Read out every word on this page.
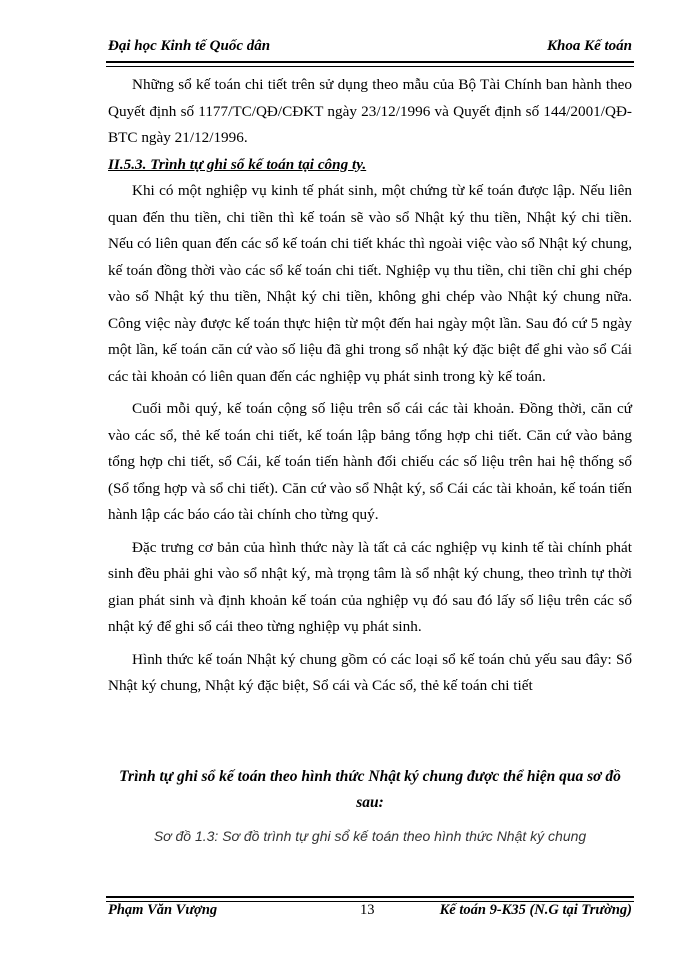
Đại học Kinh tế Quốc dân	Khoa Kế toán

Những sổ kế toán chi tiết trên sử dụng theo mẫu của Bộ Tài Chính ban hành theo Quyết định số 1177/TC/QĐ/CĐKT ngày 23/12/1996 và Quyết định số 144/2001/QĐ-BTC ngày 21/12/1996.

II.5.3. Trình tự ghi sổ kế toán tại công ty.

Khi có một nghiệp vụ kinh tế phát sinh, một chứng từ kế toán được lập. Nếu liên quan đến thu tiền, chi tiền thì kế toán sẽ vào sổ Nhật ký thu tiền, Nhật ký chi tiền. Nếu có liên quan đến các sổ kế toán chi tiết khác thì ngoài việc vào sổ Nhật ký chung, kế toán đồng thời vào các sổ kế toán chi tiết. Nghiệp vụ thu tiền, chi tiền chỉ ghi chép vào sổ Nhật ký thu tiền, Nhật ký chi tiền, không ghi chép vào Nhật ký chung nữa. Công việc này được kế toán thực hiện từ một đến hai ngày một lần. Sau đó cứ 5 ngày một lần, kế toán căn cứ vào số liệu đã ghi trong sổ nhật ký đặc biệt để ghi vào sổ Cái các tài khoản có liên quan đến các nghiệp vụ phát sinh trong kỳ kế toán.

Cuối mỗi quý, kế toán cộng số liệu trên sổ cái các tài khoản. Đồng thời, căn cứ vào các sổ, thẻ kế toán chi tiết, kế toán lập bảng tổng hợp chi tiết. Căn cứ vào bảng tổng hợp chi tiết, sổ Cái, kế toán tiến hành đối chiếu các số liệu trên hai hệ thống sổ (Sổ tổng hợp và sổ chi tiết). Căn cứ vào sổ Nhật ký, sổ Cái các tài khoản, kế toán tiến hành lập các báo cáo tài chính cho từng quý.

Đặc trưng cơ bản của hình thức này là tất cả các nghiệp vụ kinh tế tài chính phát sinh đều phải ghi vào sổ nhật ký, mà trọng tâm là sổ nhật ký chung, theo trình tự thời gian phát sinh và định khoản kế toán của nghiệp vụ đó sau đó lấy số liệu trên các sổ nhật ký để ghi sổ cái theo từng nghiệp vụ phát sinh.

Hình thức kế toán Nhật ký chung gồm có các loại sổ kế toán chủ yếu sau đây: Sổ Nhật ký chung, Nhật ký đặc biệt, Sổ cái và Các sổ, thẻ kế toán chi tiết

Trình tự ghi sổ kế toán theo hình thức Nhật ký chung được thể hiện qua sơ đồ sau:
Sơ đồ 1.3: Sơ đồ trình tự ghi sổ kế toán theo hình thức Nhật ký chung
Phạm Văn Vượng	13	Kế toán 9-K35 (N.G tại Trường)
